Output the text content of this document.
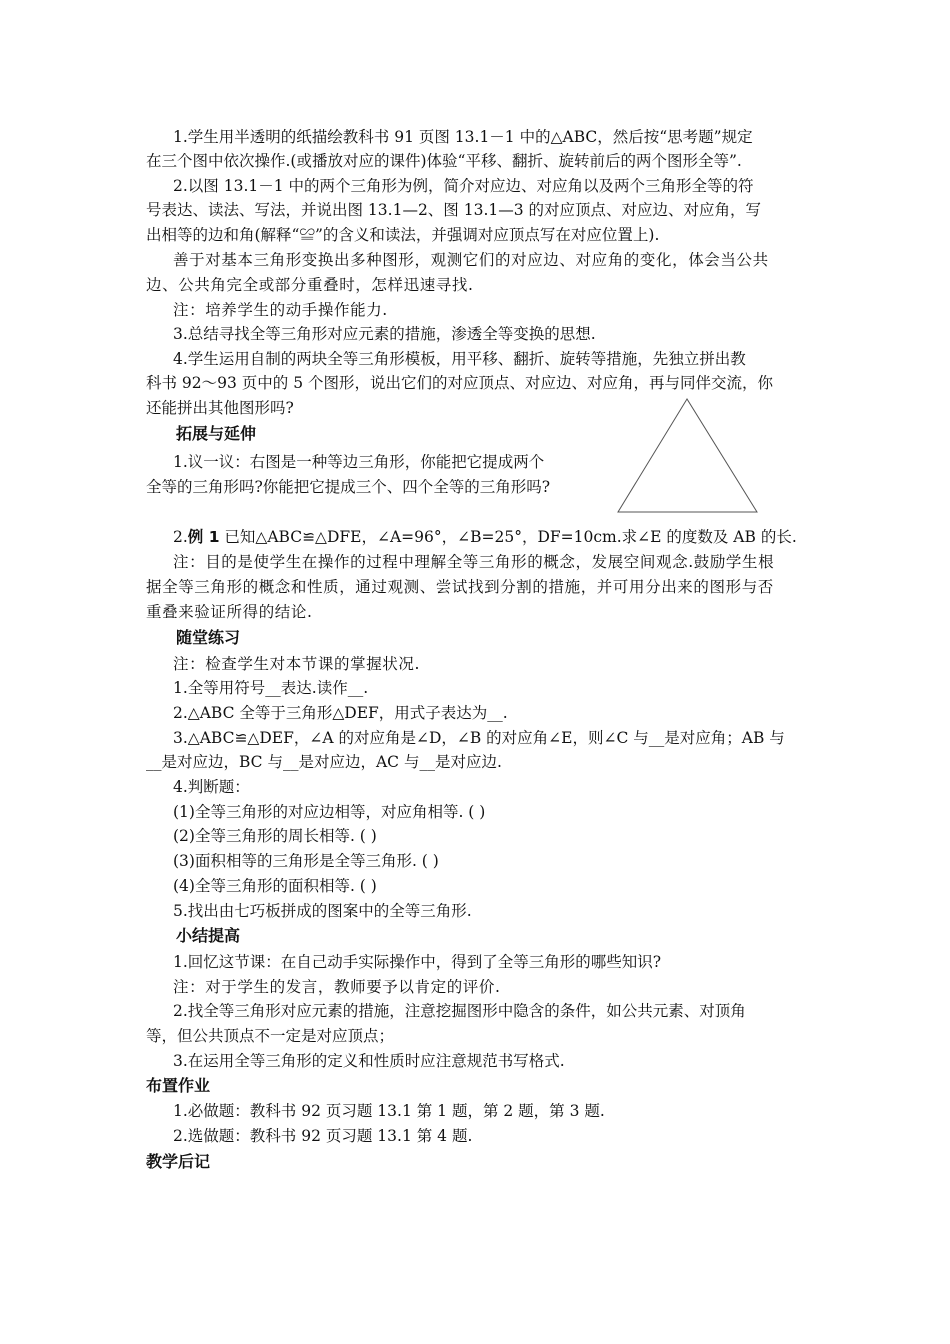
1.学生用半透明的纸描绘教科书 91 页图 13.1－1 中的△ABC，然后按“思考题”规定
在三个图中依次操作.(或播放对应的课件)体验“平移、翻折、旋转前后的两个图形全等”.
2.以图 13.1－1 中的两个三角形为例，简介对应边、对应角以及两个三角形全等的符
号表达、读法、写法，并说出图 13.1—2、图 13.1—3 的对应顶点、对应边、对应角，写
出相等的边和角(解释“≌”的含义和读法，并强调对应顶点写在对应位置上).
善于对基本三角形变换出多种图形，观测它们的对应边、对应角的变化，体会当公共
边、公共角完全或部分重叠时，怎样迅速寻找.
注：培养学生的动手操作能力.
3.总结寻找全等三角形对应元素的措施，渗透全等变换的思想.
4.学生运用自制的两块全等三角形模板，用平移、翻折、旋转等措施，先独立拼出教
科书 92～93 页中的 5 个图形，说出它们的对应顶点、对应边、对应角，再与同伴交流，你
还能拼出其他图形吗?
拓展与延伸
1.议一议：右图是一种等边三角形，你能把它提成两个
全等的三角形吗?你能把它提成三个、四个全等的三角形吗?
2.例 1 已知△ABC≌△DFE，∠A=96°，∠B=25°，DF=10cm.求∠E 的度数及 AB 的长.
注：目的是使学生在操作的过程中理解全等三角形的概念，发展空间观念.鼓励学生根
据全等三角形的概念和性质，通过观测、尝试找到分割的措施，并可用分出来的图形与否
重叠来验证所得的结论.
随堂练习
注：检查学生对本节课的掌握状况.
1.全等用符号__表达.读作__.
2.△ABC 全等于三角形△DEF，用式子表达为__.
3.△ABC≌△DEF，∠A 的对应角是∠D，∠B 的对应角∠E，则∠C 与__是对应角；AB 与
__是对应边，BC 与__是对应边，AC 与__是对应边.
4.判断题：
(1)全等三角形的对应边相等，对应角相等. ( )
(2)全等三角形的周长相等. ( )
(3)面积相等的三角形是全等三角形. ( )
(4)全等三角形的面积相等. ( )
5.找出由七巧板拼成的图案中的全等三角形.
小结提高
1.回忆这节课：在自己动手实际操作中，得到了全等三角形的哪些知识?
注：对于学生的发言，教师要予以肯定的评价.
2.找全等三角形对应元素的措施，注意挖掘图形中隐含的条件，如公共元素、对顶角
等，但公共顶点不一定是对应顶点；
3.在运用全等三角形的定义和性质时应注意规范书写格式.
布置作业
1.必做题：教科书 92 页习题 13.1 第 1 题，第 2 题，第 3 题.
2.选做题：教科书 92 页习题 13.1 第 4 题.
教学后记
